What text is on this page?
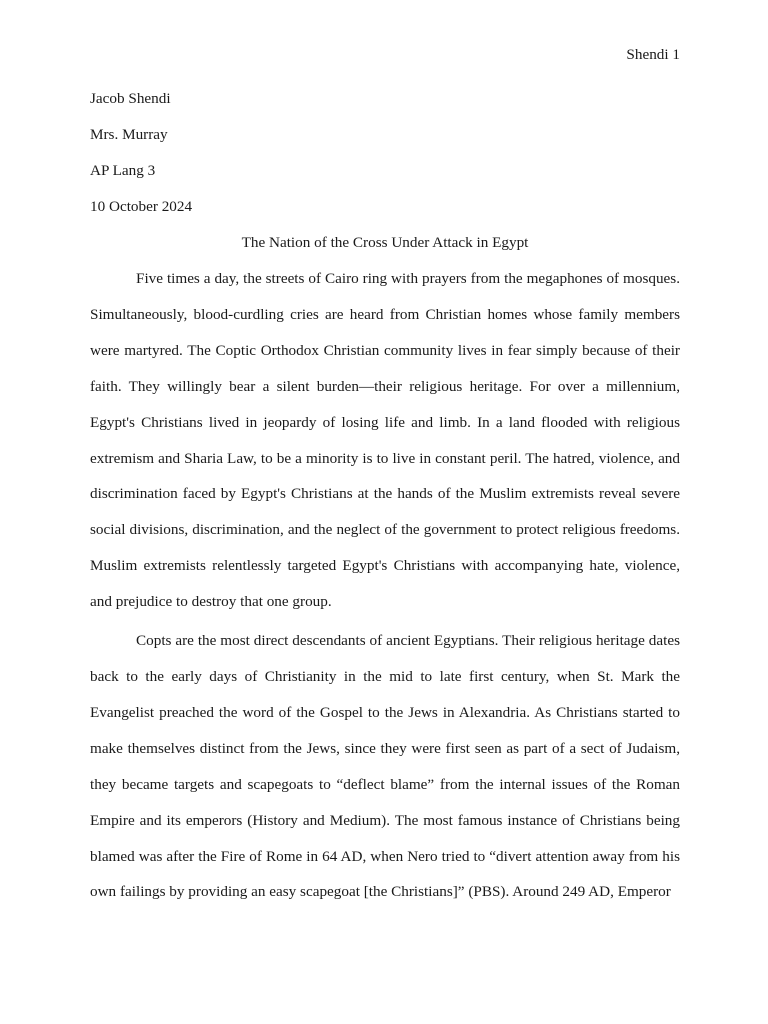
Shendi 1

Jacob Shendi

Mrs. Murray

AP Lang 3

10 October 2024

The Nation of the Cross Under Attack in Egypt

Five times a day, the streets of Cairo ring with prayers from the megaphones of mosques. Simultaneously, blood-curdling cries are heard from Christian homes whose family members were martyred. The Coptic Orthodox Christian community lives in fear simply because of their faith. They willingly bear a silent burden—their religious heritage. For over a millennium, Egypt's Christians lived in jeopardy of losing life and limb. In a land flooded with religious extremism and Sharia Law, to be a minority is to live in constant peril. The hatred, violence, and discrimination faced by Egypt's Christians at the hands of the Muslim extremists reveal severe social divisions, discrimination, and the neglect of the government to protect religious freedoms. Muslim extremists relentlessly targeted Egypt's Christians with accompanying hate, violence, and prejudice to destroy that one group.

Copts are the most direct descendants of ancient Egyptians. Their religious heritage dates back to the early days of Christianity in the mid to late first century, when St. Mark the Evangelist preached the word of the Gospel to the Jews in Alexandria. As Christians started to make themselves distinct from the Jews, since they were first seen as part of a sect of Judaism, they became targets and scapegoats to “deflect blame” from the internal issues of the Roman Empire and its emperors (History and Medium). The most famous instance of Christians being blamed was after the Fire of Rome in 64 AD, when Nero tried to “divert attention away from his own failings by providing an easy scapegoat [the Christians]” (PBS). Around 249 AD, Emperor
